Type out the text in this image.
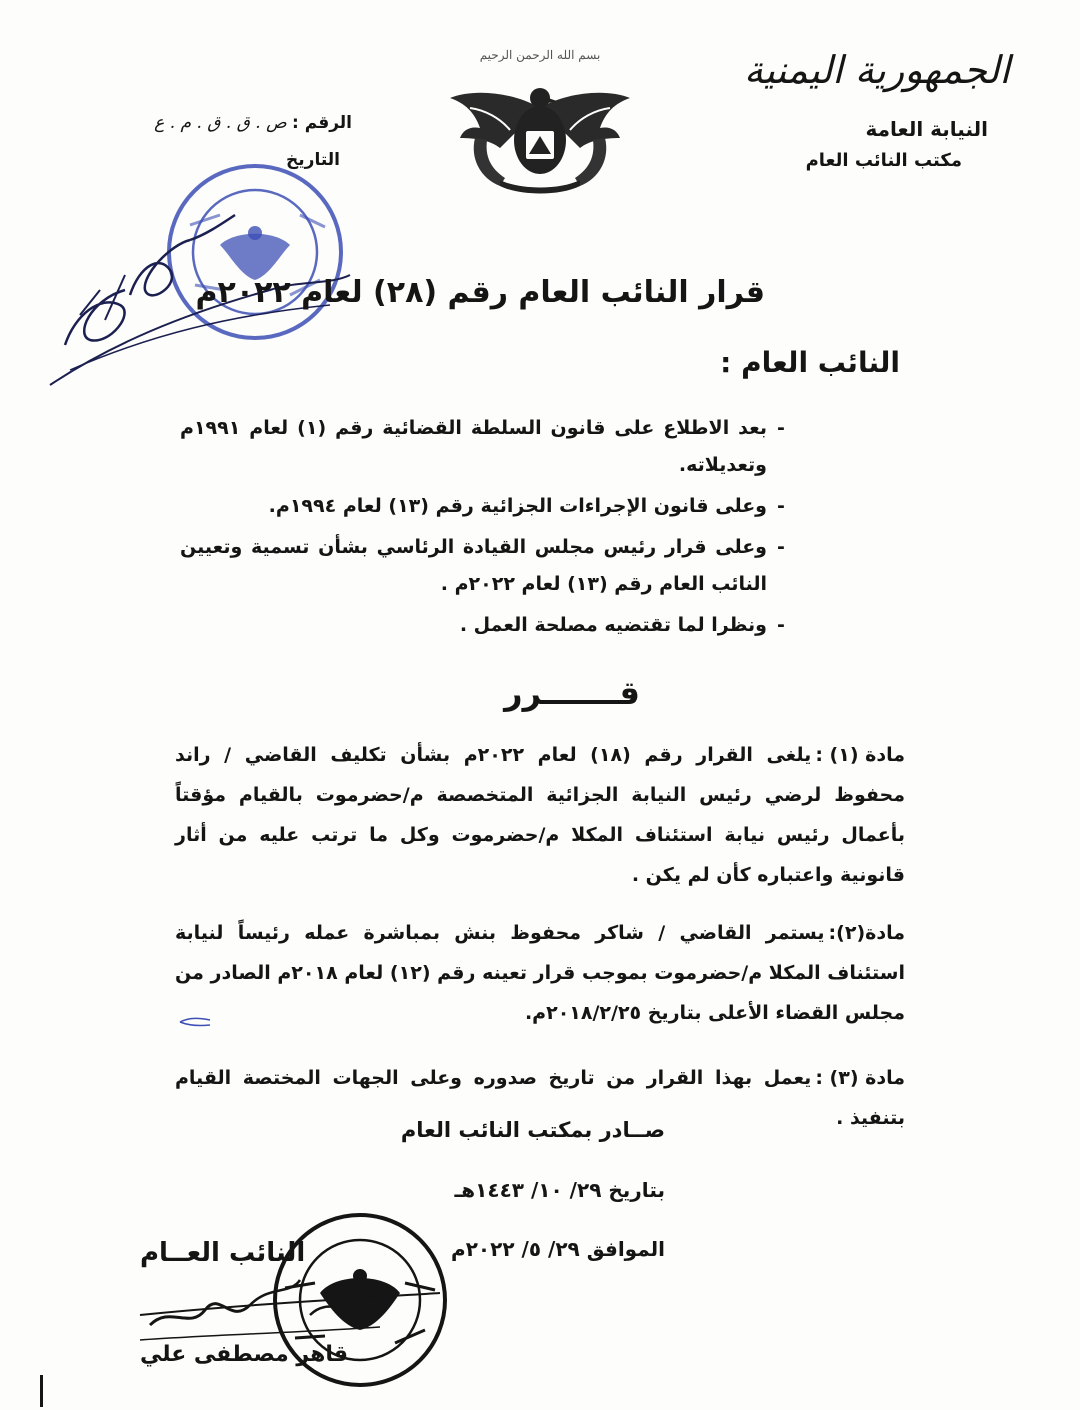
الجمهورية اليمنية
النيابة العامة
مكتب النائب العام
بسم الله الرحمن الرحيم
الرقم : ص . ق . ق . م . ع
التاريخ
قرار النائب العام رقم (٢٨) لعام ٢٠٢٢م
النائب العام :
-
بعد الاطلاع على قانون السلطة القضائية رقم (١) لعام ١٩٩١م وتعديلاته.
-
وعلى قانون الإجراءات الجزائية رقم (١٣) لعام ١٩٩٤م.
-
وعلى قرار رئيس مجلس القيادة الرئاسي بشأن تسمية وتعيين النائب العام رقم (١٣) لعام ٢٠٢٢م .
-
ونظرا لما تقتضيه مصلحة العمل .
قـــــــرر
مادة (١) :
يلغى القرار رقم (١٨) لعام ٢٠٢٢م بشأن تكليف القاضي / راند محفوظ لرضي رئيس النيابة الجزائية المتخصصة م/حضرموت بالقيام مؤقتاً بأعمال رئيس نيابة استئناف المكلا م/حضرموت وكل ما ترتب عليه من أثار قانونية واعتباره كأن لم يكن .
مادة(٢):
يستمر القاضي / شاكر محفوظ بنش بمباشرة عمله رئيساً لنيابة استئناف المكلا م/حضرموت بموجب قرار تعينه رقم (١٢) لعام ٢٠١٨م الصادر من مجلس القضاء الأعلى بتاريخ ٢٠١٨/٢/٢٥م.
مادة (٣) :
يعمل بهذا القرار من تاريخ صدوره وعلى الجهات المختصة القيام بتنفيذ .
صــادر بمكتب النائب العام
بتاريخ ٢٩/ ١٠/ ١٤٤٣هـ
الموافق ٢٩/ ٥/ ٢٠٢٢م
النائب العــام
قاهر مصطفى علي
